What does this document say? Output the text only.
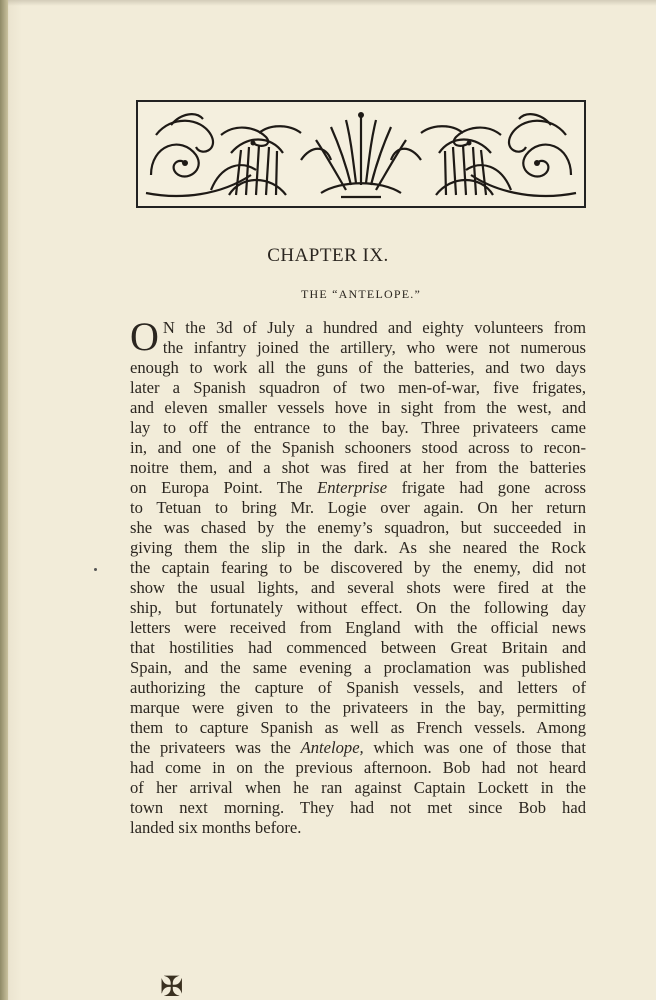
CHAPTER IX.
THE “ANTELOPE.”
O N the 3d of July a hundred and eighty volunteers from
the infantry joined the artillery, who were not numerous
enough to work all the guns of the batteries, and two days
later a Spanish squadron of two men-of-war, five frigates,
and eleven smaller vessels hove in sight from the west, and
lay to off the entrance to the bay. Three privateers came
in, and one of the Spanish schooners stood across to recon-
noitre them, and a shot was fired at her from the batteries
on Europa Point. The Enterprise frigate had gone across
to Tetuan to bring Mr. Logie over again. On her return
she was chased by the enemy’s squadron, but succeeded in
giving them the slip in the dark. As she neared the Rock
the captain fearing to be discovered by the enemy, did not
show the usual lights, and several shots were fired at the
ship, but fortunately without effect. On the following day
letters were received from England with the official news
that hostilities had commenced between Great Britain and
Spain, and the same evening a proclamation was published
authorizing the capture of Spanish vessels, and letters of
marque were given to the privateers in the bay, permitting
them to capture Spanish as well as French vessels. Among
the privateers was the Antelope, which was one of those that
had come in on the previous afternoon. Bob had not heard
of her arrival when he ran against Captain Lockett in the
town next morning. They had not met since Bob had
landed six months before.
✠
